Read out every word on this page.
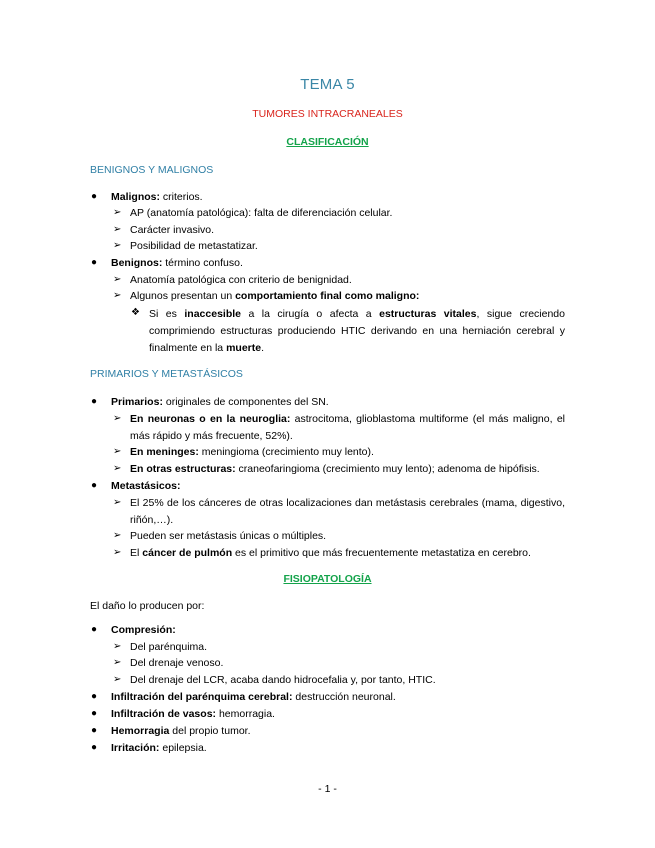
TEMA 5
TUMORES INTRACRANEALES
CLASIFICACIÓN
BENIGNOS Y MALIGNOS
● Malignos: criterios.
➢ AP (anatomía patológica): falta de diferenciación celular.
➢ Carácter invasivo.
➢ Posibilidad de metastatizar.
● Benignos: término confuso.
➢ Anatomía patológica con criterio de benignidad.
➢ Algunos presentan un comportamiento final como maligno:
❖ Si es inaccesible a la cirugía o afecta a estructuras vitales, sigue creciendo comprimiendo estructuras produciendo HTIC derivando en una herniación cerebral y finalmente en la muerte.
PRIMARIOS Y METASTÁSICOS
● Primarios: originales de componentes del SN.
➢ En neuronas o en la neuroglia: astrocitoma, glioblastoma multiforme (el más maligno, el más rápido y más frecuente, 52%).
➢ En meninges: meningioma (crecimiento muy lento).
➢ En otras estructuras: craneofaringioma (crecimiento muy lento); adenoma de hipófisis.
● Metastásicos:
➢ El 25% de los cánceres de otras localizaciones dan metástasis cerebrales (mama, digestivo, riñón,…).
➢ Pueden ser metástasis únicas o múltiples.
➢ El cáncer de pulmón es el primitivo que más frecuentemente metastatiza en cerebro.
FISIOPATOLOGÍA
El daño lo producen por:
● Compresión:
➢ Del parénquima.
➢ Del drenaje venoso.
➢ Del drenaje del LCR, acaba dando hidrocefalia y, por tanto, HTIC.
● Infiltración del parénquima cerebral: destrucción neuronal.
● Infiltración de vasos: hemorragia.
● Hemorragia del propio tumor.
● Irritación: epilepsia.
- 1 -
